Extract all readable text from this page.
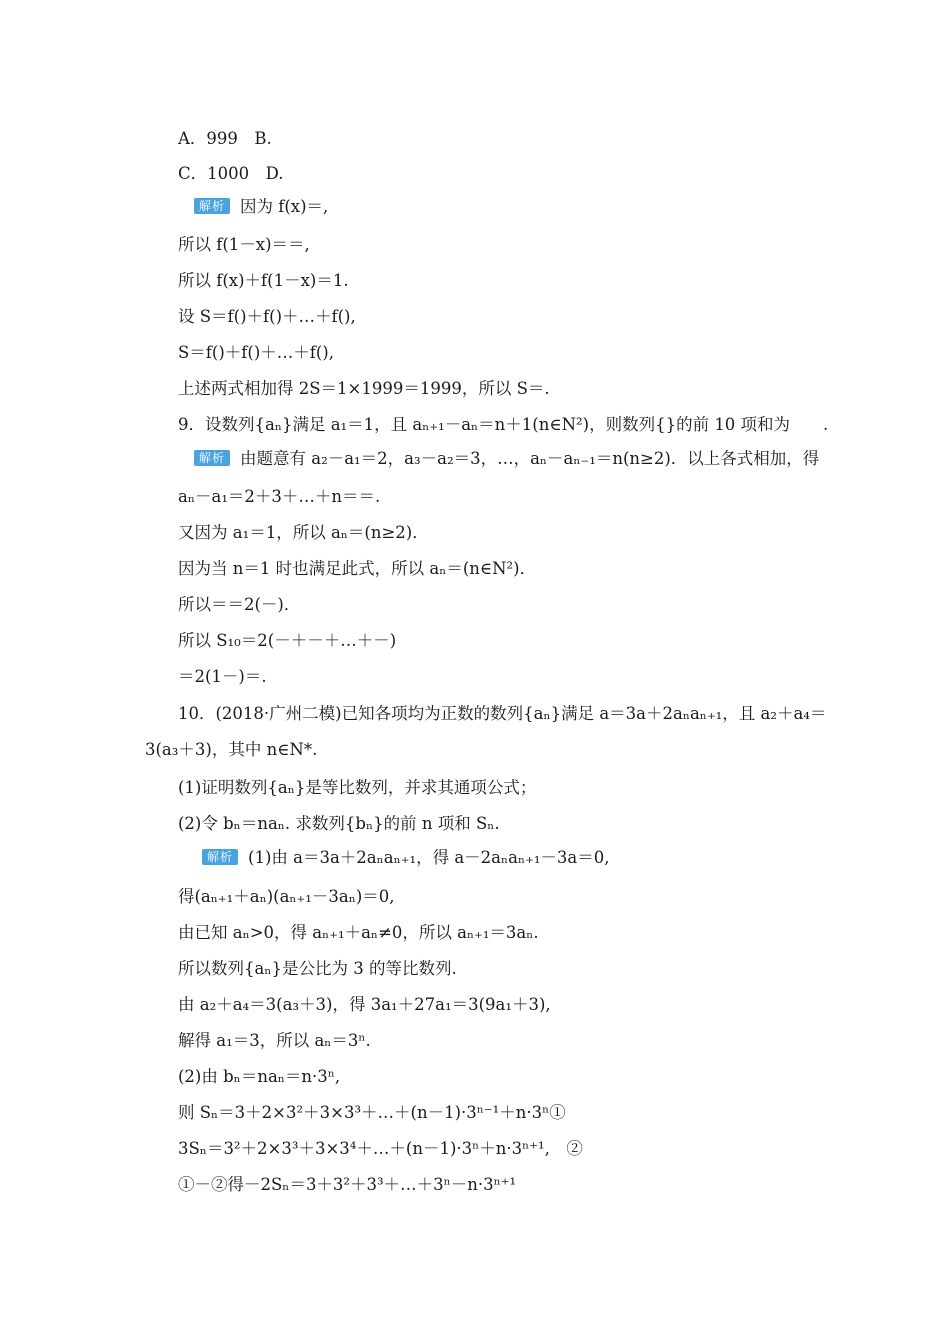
A．999　B.
C．1000　D.
解析 因为 f(x)＝,
所以 f(1－x)＝＝,
所以 f(x)＋f(1－x)＝1.
设 S＝f()＋f()＋…＋f(),
S＝f()＋f()＋…＋f(),
上述两式相加得 2S＝1×1999＝1999，所以 S＝.
9．设数列{aₙ}满足 a₁＝1，且 aₙ₊₁－aₙ＝n＋1(n∈N²)，则数列{}的前 10 项和为　　.
解析 由题意有 a₂－a₁＝2，a₃－a₂＝3，…，aₙ－aₙ₋₁＝n(n≥2)．以上各式相加，得
aₙ－a₁＝2＋3＋…＋n＝＝.
又因为 a₁＝1，所以 aₙ＝(n≥2)．
因为当 n＝1 时也满足此式，所以 aₙ＝(n∈N²)．
所以＝＝2(－)．
所以 S₁₀＝2(－＋－＋…＋－)
＝2(1－)＝.
10．(2018·广州二模)已知各项均为正数的数列{aₙ}满足 a＝3a＋2aₙaₙ₊₁，且 a₂＋a₄＝
3(a₃＋3)，其中 n∈N*.
(1)证明数列{aₙ}是等比数列，并求其通项公式；
(2)令 bₙ＝naₙ. 求数列{bₙ}的前 n 项和 Sₙ.
解析 (1)由 a＝3a＋2aₙaₙ₊₁，得 a－2aₙaₙ₊₁－3a＝0,
得(aₙ₊₁＋aₙ)(aₙ₊₁－3aₙ)＝0,
由已知 aₙ>0，得 aₙ₊₁＋aₙ≠0，所以 aₙ₊₁＝3aₙ.
所以数列{aₙ}是公比为 3 的等比数列.
由 a₂＋a₄＝3(a₃＋3)，得 3a₁＋27a₁＝3(9a₁＋3),
解得 a₁＝3，所以 aₙ＝3ⁿ.
(2)由 bₙ＝naₙ＝n·3ⁿ,
则 Sₙ＝3＋2×3²＋3×3³＋…＋(n－1)·3ⁿ⁻¹＋n·3ⁿ①
3Sₙ＝3²＋2×3³＋3×3⁴＋…＋(n－1)·3ⁿ＋n·3ⁿ⁺¹,　②
①－②得－2Sₙ＝3＋3²＋3³＋…＋3ⁿ－n·3ⁿ⁺¹
